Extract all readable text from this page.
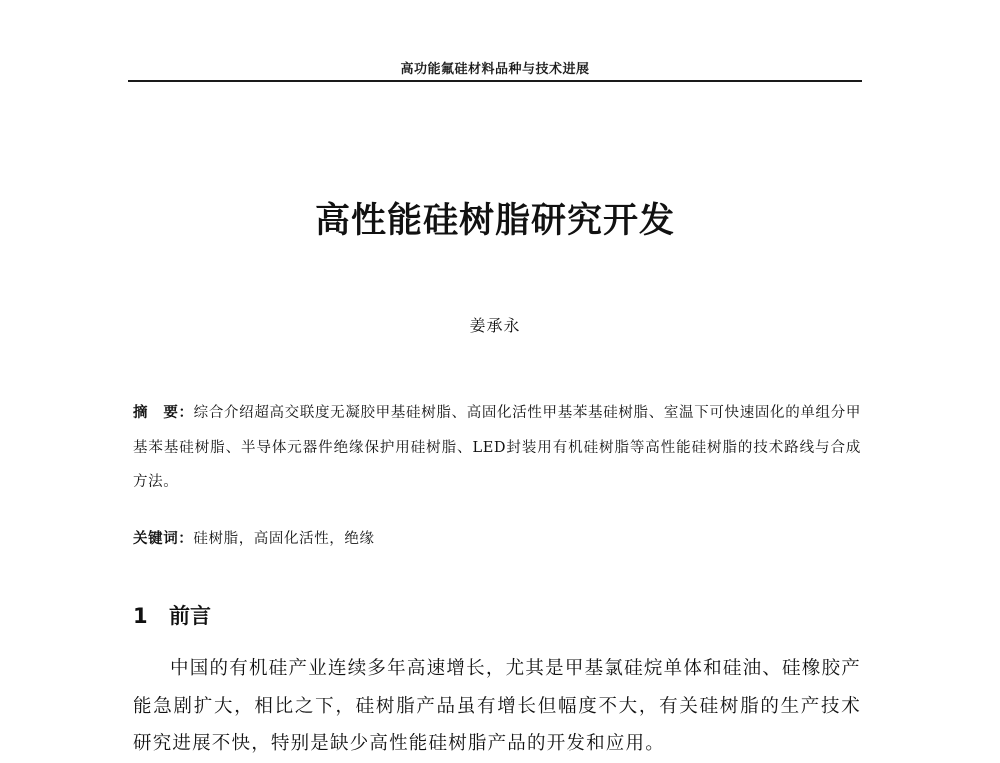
高功能氟硅材料品种与技术进展
高性能硅树脂研究开发
姜承永
摘　要：综合介绍超高交联度无凝胶甲基硅树脂、高固化活性甲基苯基硅树脂、室温下可快速固化的单组分甲基苯基硅树脂、半导体元器件绝缘保护用硅树脂、LED封装用有机硅树脂等高性能硅树脂的技术路线与合成方法。
关键词：硅树脂，高固化活性，绝缘
1 前言
中国的有机硅产业连续多年高速增长，尤其是甲基氯硅烷单体和硅油、硅橡胶产能急剧扩大，相比之下，硅树脂产品虽有增长但幅度不大，有关硅树脂的生产技术研究进展不快，特别是缺少高性能硅树脂产品的开发和应用。
